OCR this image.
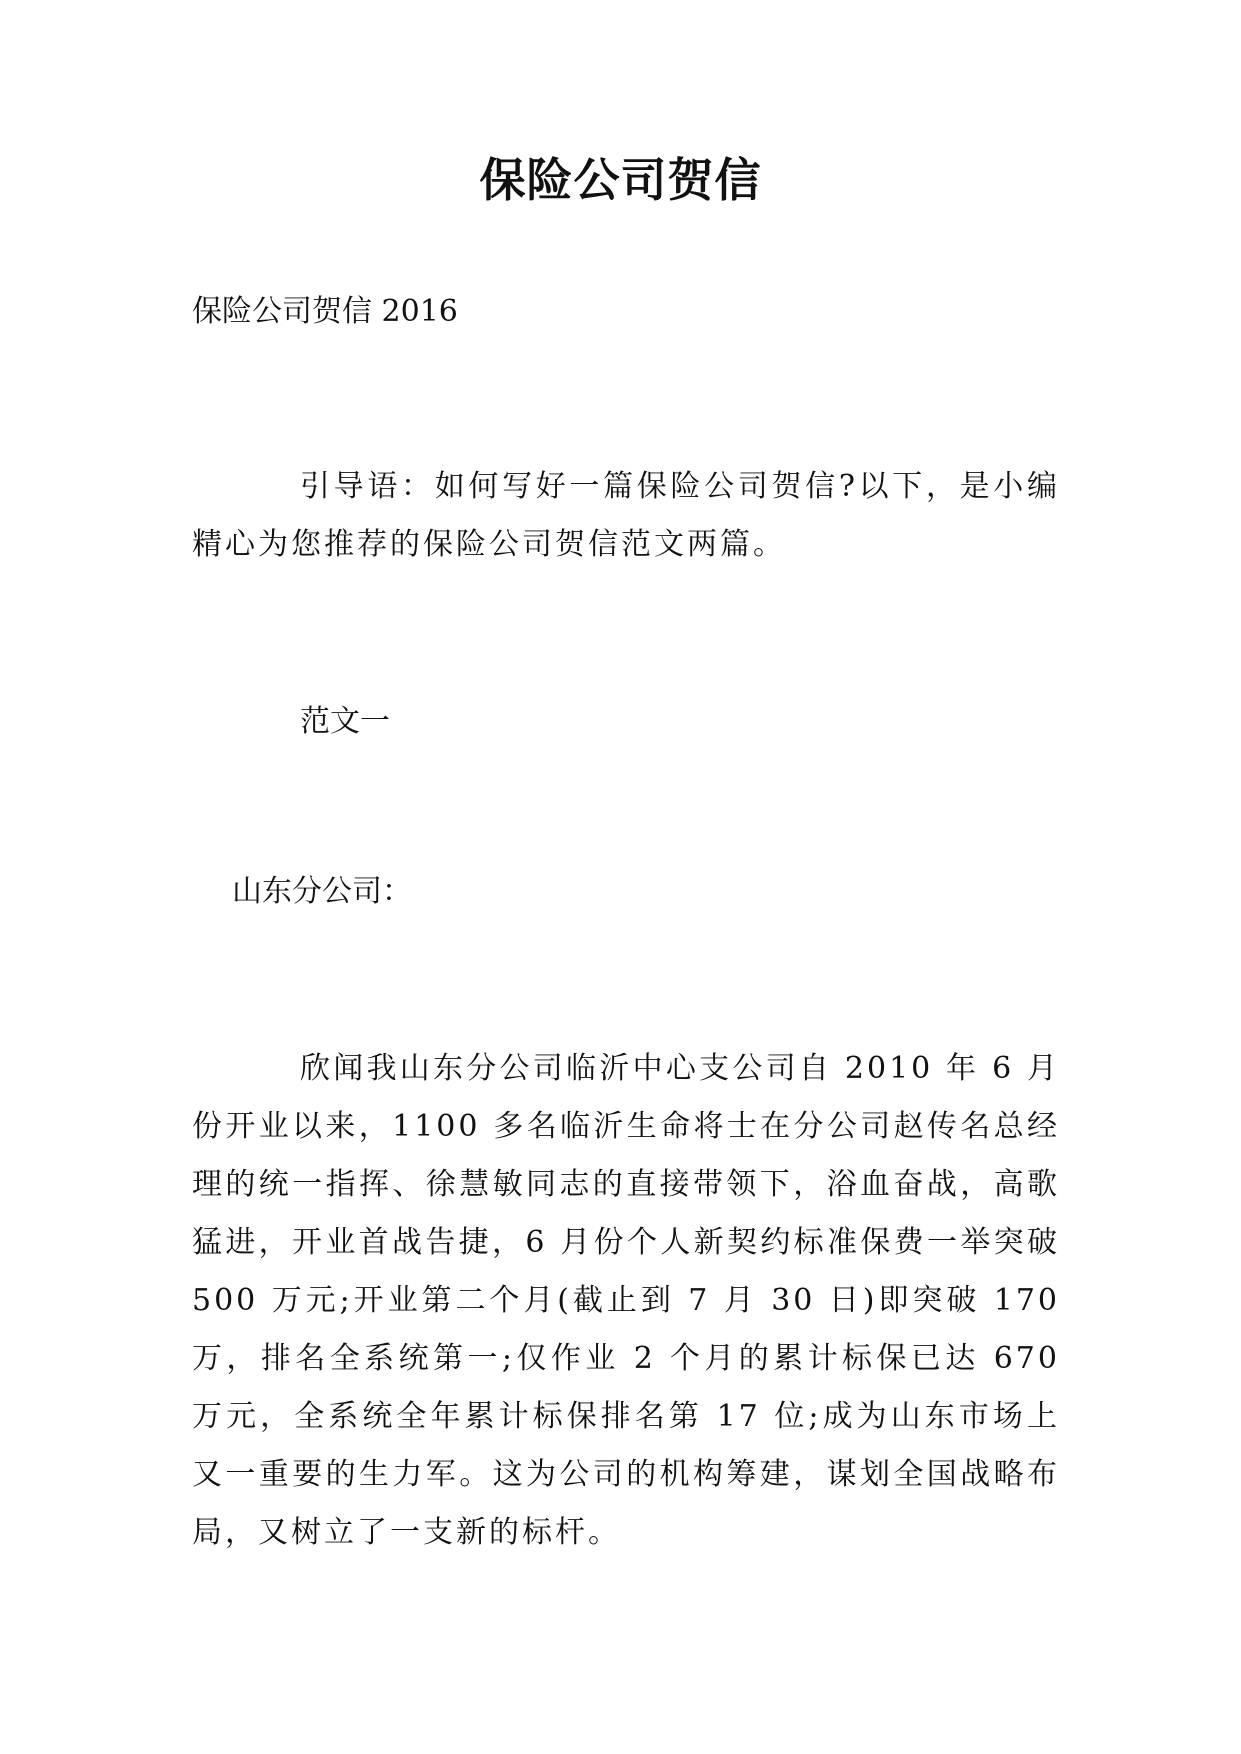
保险公司贺信
保险公司贺信 2016
引导语：如何写好一篇保险公司贺信?以下，是小编精心为您推荐的保险公司贺信范文两篇。
范文一
山东分公司：
欣闻我山东分公司临沂中心支公司自 2010 年 6 月份开业以来，1100 多名临沂生命将士在分公司赵传名总经理的统一指挥、徐慧敏同志的直接带领下，浴血奋战，高歌猛进，开业首战告捷，6 月份个人新契约标准保费一举突破 500 万元;开业第二个月(截止到 7 月 30 日)即突破 170 万，排名全系统第一;仅作业 2 个月的累计标保已达 670 万元，全系统全年累计标保排名第 17 位;成为山东市场上又一重要的生力军。这为公司的机构筹建，谋划全国战略布局，又树立了一支新的标杆。
